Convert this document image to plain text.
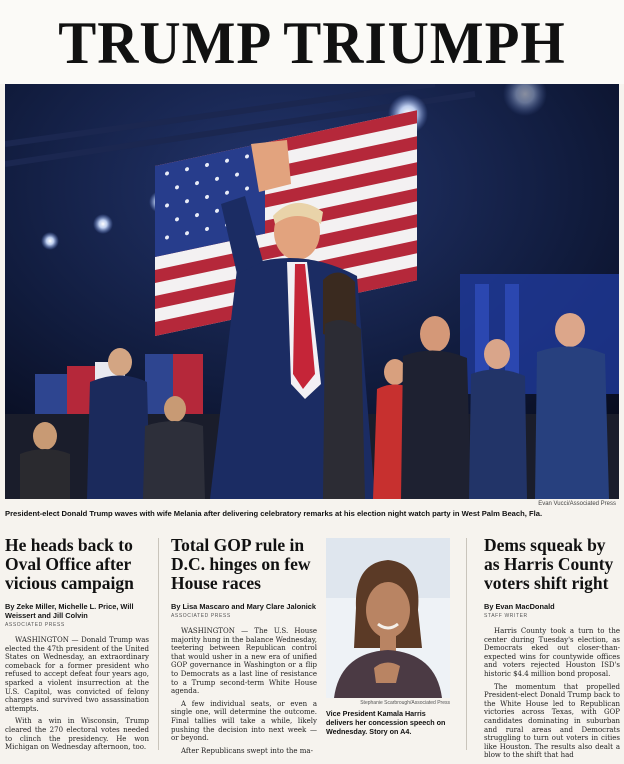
TRUMP TRIUMPH
Evan Vucci/Associated Press
President-elect Donald Trump waves with wife Melania after delivering celebratory remarks at his election night watch party in West Palm Beach, Fla.
He heads back to Oval Office after vicious campaign
By Zeke Miller, Michelle L. Price, Will Weissert and Jill Colvin
ASSOCIATED PRESS

WASHINGTON — Donald Trump was elected the 47th president of the United States on Wednesday, an extraordinary comeback for a former president who refused to accept defeat four years ago, sparked a violent insurrection at the U.S. Capitol, was convicted of felony charges and survived two assassination attempts.

With a win in Wisconsin, Trump cleared the 270 electoral votes needed to clinch the presidency. He won Michigan on Wednesday afternoon, too.

Total GOP rule in D.C. hinges on few House races
By Lisa Mascaro and Mary Clare Jalonick
ASSOCIATED PRESS

WASHINGTON — The U.S. House majority hung in the balance Wednesday, teetering between Republican control that would usher in a new era of unified GOP governance in Washington or a flip to Democrats as a last line of resistance to a Trump second-term White House agenda.

A few individual seats, or even a single one, will determine the outcome. Final tallies will take a while, likely pushing the decision into next week — or beyond.

After Republicans swept into the ma-

Stephanie Scarbrough/Associated Press
Vice President Kamala Harris delivers her concession speech on Wednesday. Story on A4.
Dems squeak by as Harris County voters shift right
By Evan MacDonald
STAFF WRITER

Harris County took a turn to the center during Tuesday's election, as Democrats eked out closer-than-expected wins for countywide offices and voters rejected Houston ISD's historic $4.4 million bond proposal.

The momentum that propelled President-elect Donald Trump back to the White House led to Republican victories across Texas, with GOP candidates dominating in suburban and rural areas and Democrats struggling to turn out voters in cities like Houston. The results also dealt a blow to the shift that had
